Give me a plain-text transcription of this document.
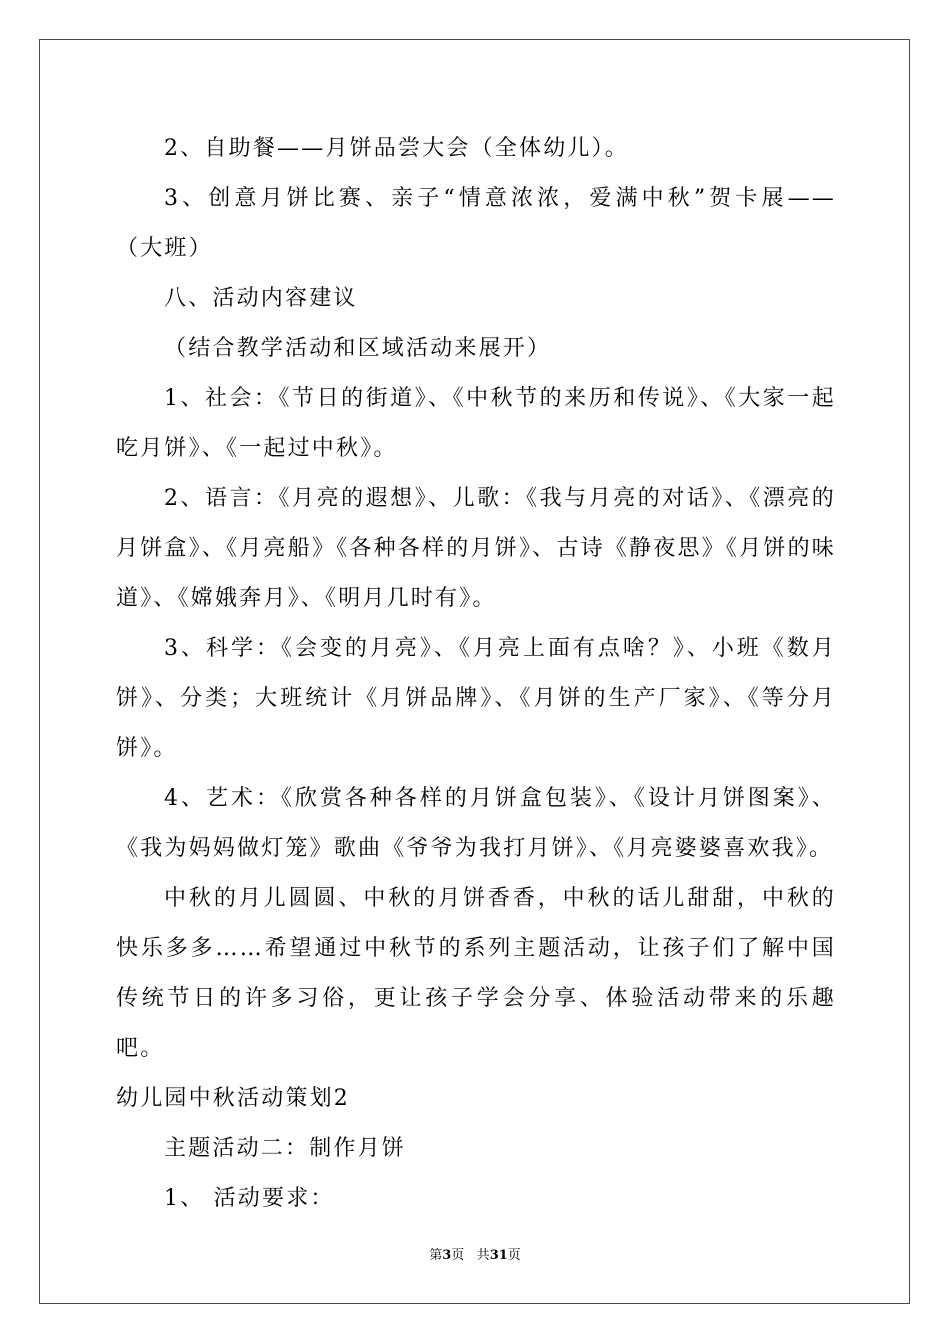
2、自助餐——月饼品尝大会（全体幼儿）。

3、创意月饼比赛、亲子“情意浓浓，爱满中秋”贺卡展——（大班）

八、活动内容建议

（结合教学活动和区域活动来展开）

1、社会：《节日的街道》、《中秋节的来历和传说》、《大家一起吃月饼》、《一起过中秋》。

2、语言：《月亮的遐想》、儿歌：《我与月亮的对话》、《漂亮的月饼盒》、《月亮船》《各种各样的月饼》、古诗《静夜思》《月饼的味道》、《嫦娥奔月》、《明月几时有》。

3、科学：《会变的月亮》、《月亮上面有点啥？》、小班《数月饼》、分类；大班统计《月饼品牌》、《月饼的生产厂家》、《等分月饼》。

4、艺术：《欣赏各种各样的月饼盒包装》、《设计月饼图案》、《我为妈妈做灯笼》歌曲《爷爷为我打月饼》、《月亮婆婆喜欢我》。

中秋的月儿圆圆、中秋的月饼香香，中秋的话儿甜甜，中秋的快乐多多……希望通过中秋节的系列主题活动，让孩子们了解中国传统节日的许多习俗，更让孩子学会分享、体验活动带来的乐趣吧。

幼儿园中秋活动策划2

主题活动二：制作月饼

1、 活动要求：

第3页 共31页
